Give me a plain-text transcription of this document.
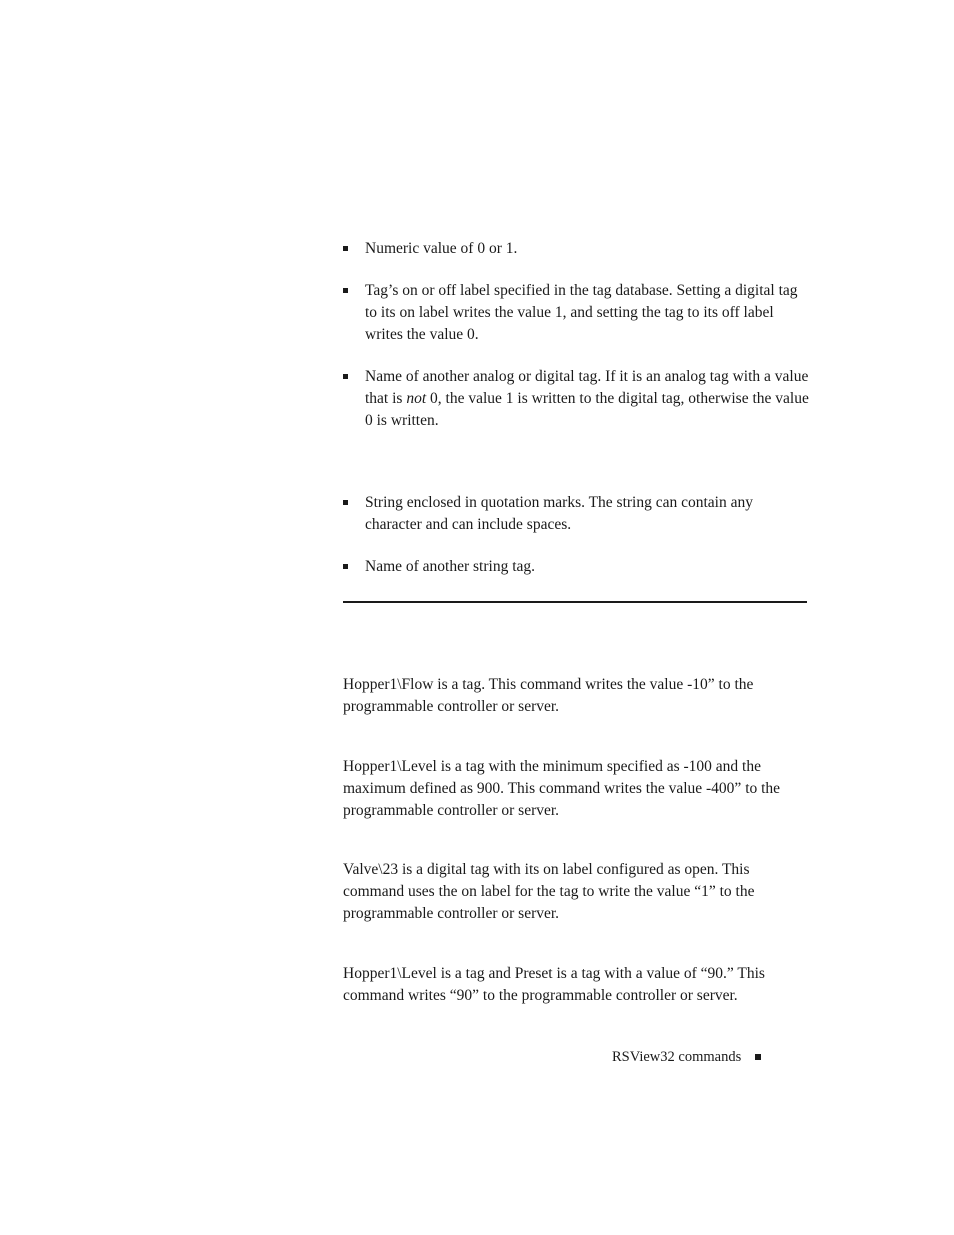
Numeric value of 0 or 1.
Tag’s on or off label specified in the tag database. Setting a digital tag to its on label writes the value 1, and setting the tag to its off label writes the value 0.
Name of another analog or digital tag. If it is an analog tag with a value that is not 0, the value 1 is written to the digital tag, otherwise the value 0 is written.
String enclosed in quotation marks. The string can contain any character and can include spaces.
Name of another string tag.
Hopper1\Flow is a tag. This command writes the value -10” to the programmable controller or server.
Hopper1\Level is a tag with the minimum specified as -100 and the maximum defined as 900. This command writes the value -400” to the programmable controller or server.
Valve\23 is a digital tag with its on label configured as open. This command uses the on label for the tag to write the value “1” to the programmable controller or server.
Hopper1\Level is a tag and Preset is a tag with a value of “90.” This command writes “90” to the programmable controller or server.
RSView32 commands
